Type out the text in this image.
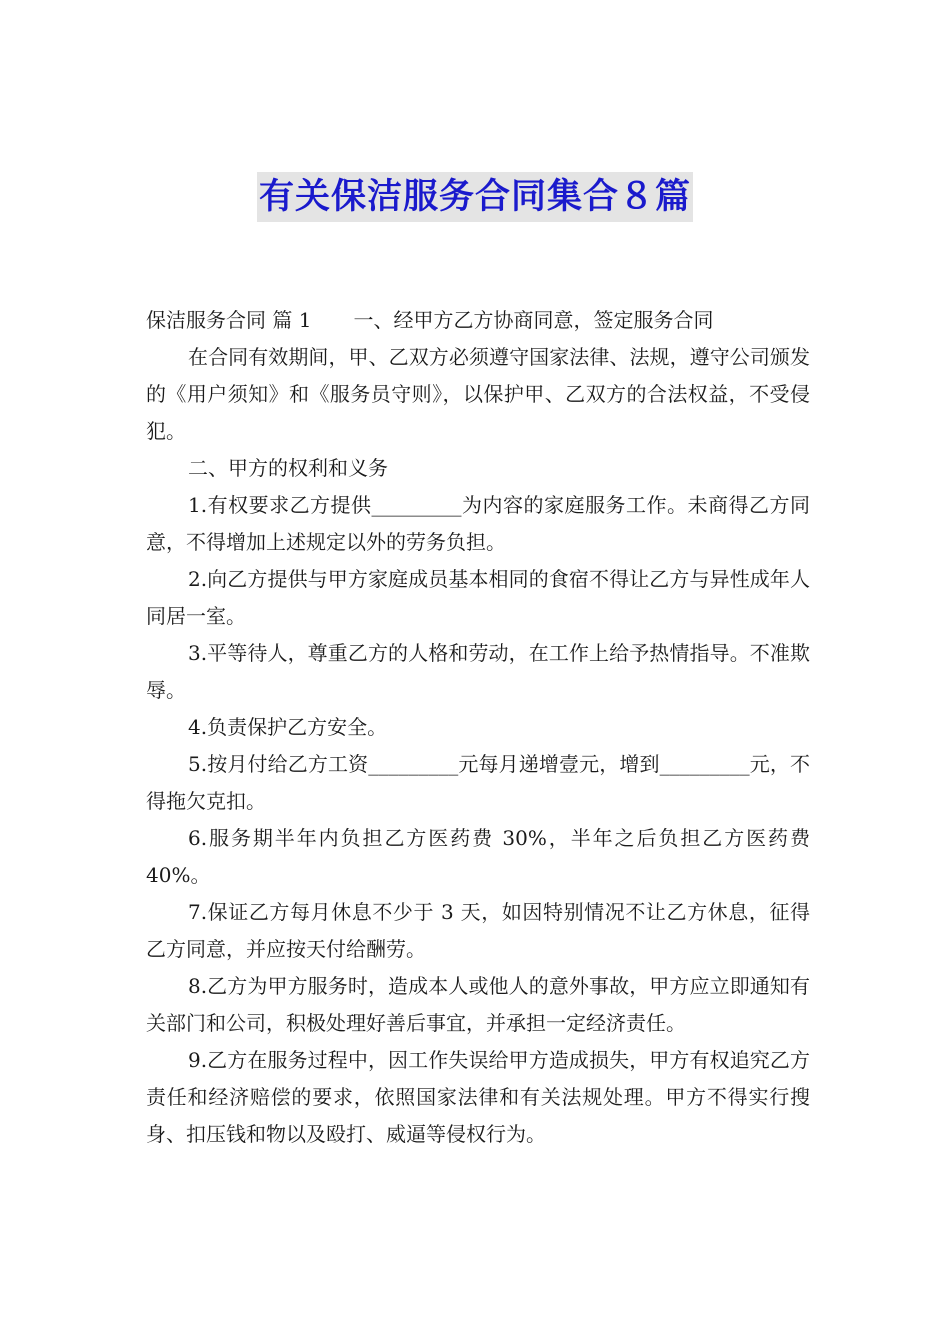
有关保洁服务合同集合８篇

保洁服务合同 篇 1 一、经甲方乙方协商同意，签定服务合同

在合同有效期间，甲、乙双方必须遵守国家法律、法规，遵守公司颁发的《用户须知》和《服务员守则》，以保护甲、乙双方的合法权益，不受侵犯。

二、甲方的权利和义务

1.有权要求乙方提供_________为内容的家庭服务工作。未商得乙方同意，不得增加上述规定以外的劳务负担。

2.向乙方提供与甲方家庭成员基本相同的食宿不得让乙方与异性成年人同居一室。

3.平等待人，尊重乙方的人格和劳动，在工作上给予热情指导。不准欺辱。

4.负责保护乙方安全。

5.按月付给乙方工资_________元每月递增壹元，增到_________元，不得拖欠克扣。

6.服务期半年内负担乙方医药费 30%，半年之后负担乙方医药费 40%。

7.保证乙方每月休息不少于 3 天，如因特别情况不让乙方休息，征得乙方同意，并应按天付给酬劳。

8.乙方为甲方服务时，造成本人或他人的意外事故，甲方应立即通知有关部门和公司，积极处理好善后事宜，并承担一定经济责任。

9.乙方在服务过程中，因工作失误给甲方造成损失，甲方有权追究乙方责任和经济赔偿的要求，依照国家法律和有关法规处理。甲方不得实行搜身、扣压钱和物以及殴打、威逼等侵权行为。
